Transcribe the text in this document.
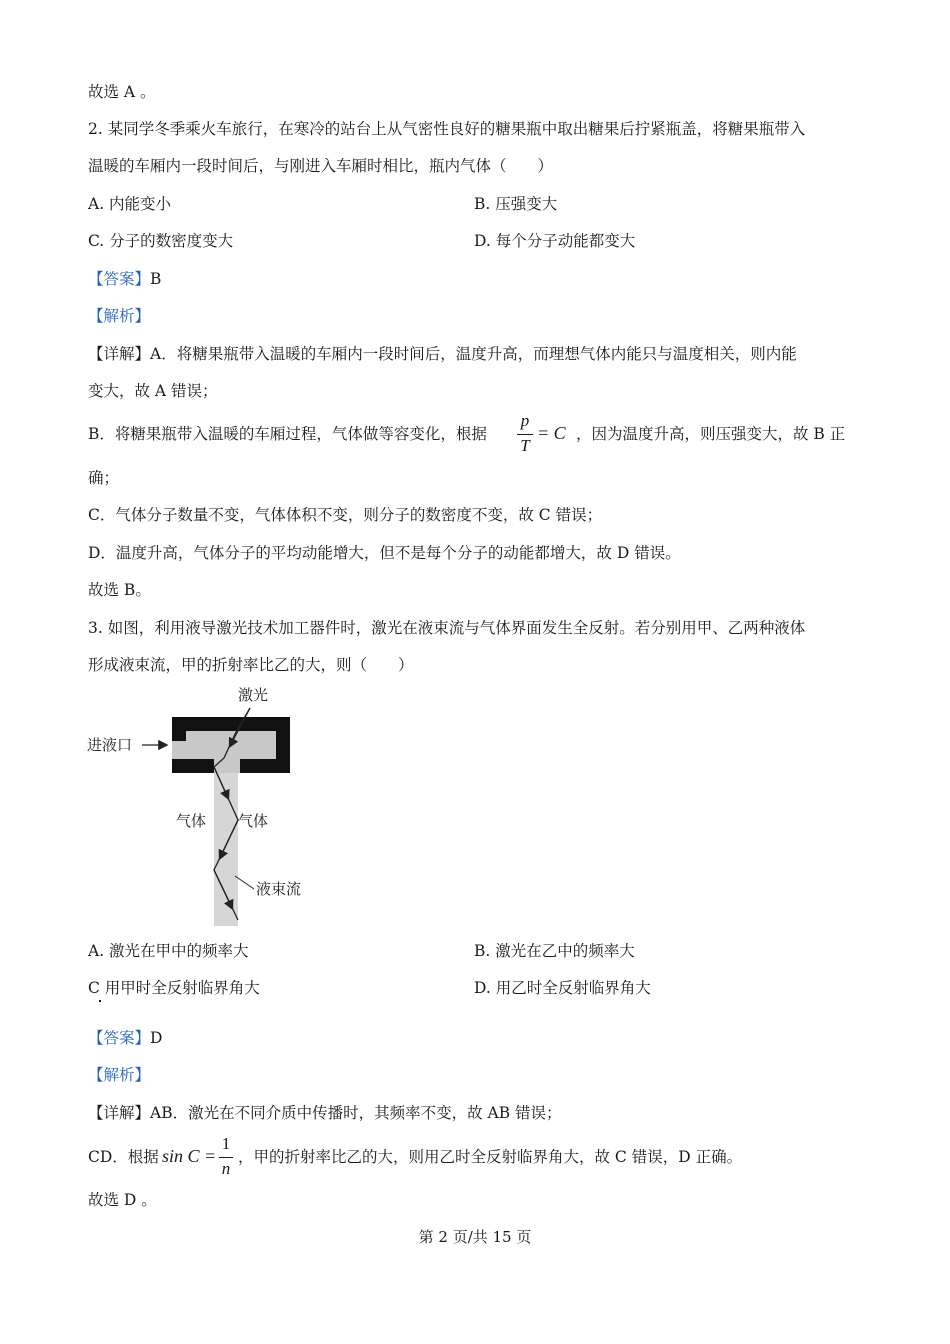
故选 A 。
2. 某同学冬季乘火车旅行，在寒冷的站台上从气密性良好的糖果瓶中取出糖果后拧紧瓶盖，将糖果瓶带入
温暖的车厢内一段时间后，与刚进入车厢时相比，瓶内气体（　　）
A. 内能变小	B. 压强变大
C. 分子的数密度变大	D. 每个分子动能都变大
【答案】B
【解析】
【详解】A．将糖果瓶带入温暖的车厢内一段时间后，温度升高，而理想气体内能只与温度相关，则内能
变大，故 A 错误；
B．将糖果瓶带入温暖的车厢过程，气体做等容变化，根据
p
T
= C ，因为温度升高，则压强变大，故 B 正
确；
C．气体分子数量不变，气体体积不变，则分子的数密度不变，故 C 错误；
D．温度升高，气体分子的平均动能增大，但不是每个分子的动能都增大，故 D 错误。
故选 B。
3. 如图，利用液导激光技术加工器件时，激光在液束流与气体界面发生全反射。若分别用甲、乙两种液体
形成液束流，甲的折射率比乙的大，则（　　）
激光
进液口
气体 气体
液束流
A. 激光在甲中的频率大	B. 激光在乙中的频率大
C 用甲时全反射临界角大	D. 用乙时全反射临界角大
【答案】D
【解析】
【详解】AB．激光在不同介质中传播时，其频率不变，故 AB 错误；
CD．根据 sin C =
1
n
，甲的折射率比乙的大，则用乙时全反射临界角大，故 C 错误，D 正确。
故选 D 。
第 2 页/共 15 页
